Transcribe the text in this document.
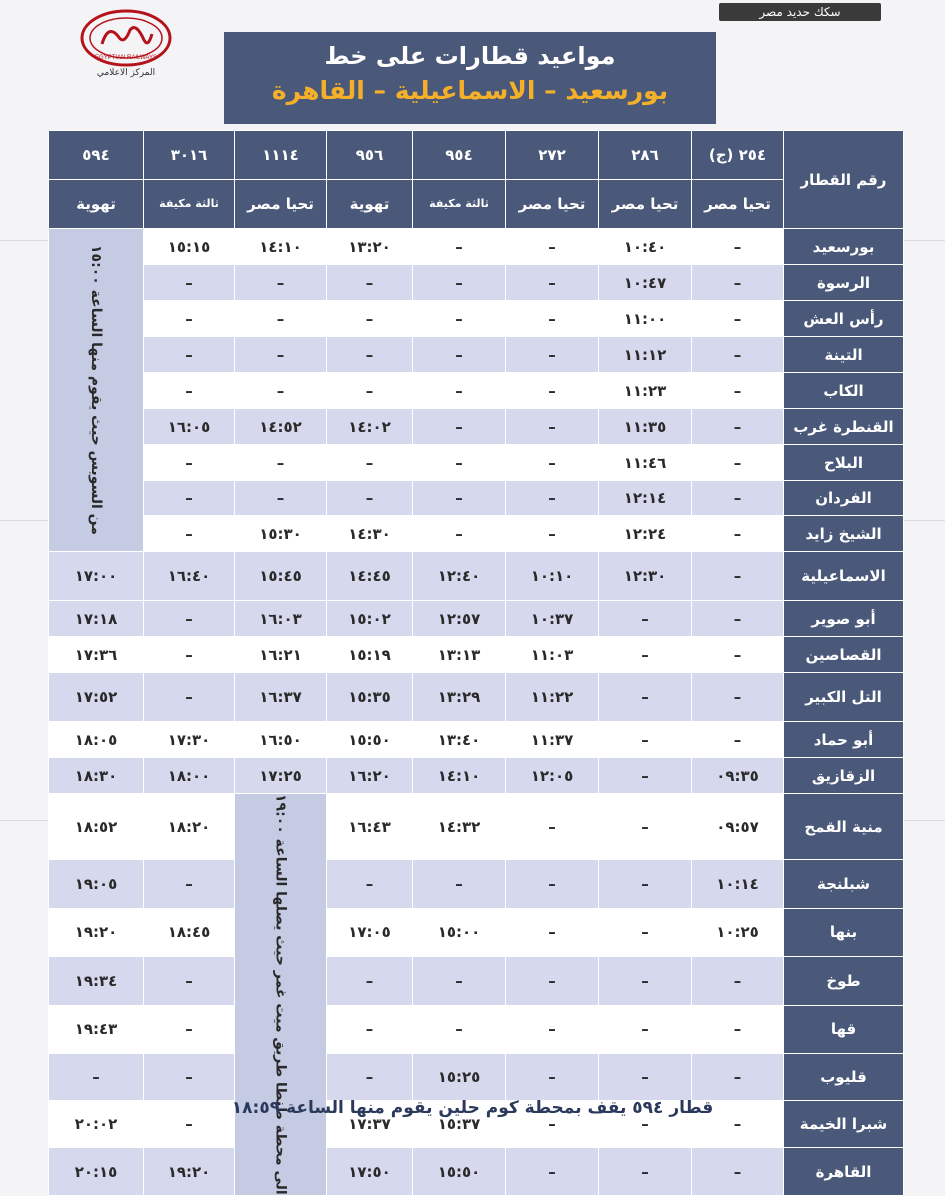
EGYPTIAN RAILWAYS
المركز الاعلامي
سكك حديد مصر
مواعيد قطارات على خط
بورسعيد – الاسماعيلية – القاهرة
رقم القطار	٢٥٤ (ج)	٢٨٦	٢٧٢	٩٥٤	٩٥٦	١١١٤	٣٠١٦	٥٩٤
	تحيا مصر	تحيا مصر	تحيا مصر	ثالثة مكيفة	تهوية	تحيا مصر	ثالثة مكيفة	تهوية
بورسعيد	–	١٠:٤٠	–	–	١٣:٢٠	١٤:١٠	١٥:١٥	من السويس حيث يقوم منها الساعة ١٥:٠٠
الرسوة	–	١٠:٤٧	–	–	–	–	–	
رأس العش	–	١١:٠٠	–	–	–	–	–	
التينة	–	١١:١٢	–	–	–	–	–	
الكاب	–	١١:٢٣	–	–	–	–	–	
القنطرة غرب	–	١١:٣٥	–	–	١٤:٠٢	١٤:٥٢	١٦:٠٥	
البلاح	–	١١:٤٦	–	–	–	–	–	
الفردان	–	١٢:١٤	–	–	–	–	–	
الشيخ زايد	–	١٢:٢٤	–	–	١٤:٣٠	١٥:٣٠	–	
الاسماعيلية	–	١٢:٣٠	١٠:١٠	١٢:٤٠	١٤:٤٥	١٥:٤٥	١٦:٤٠	١٧:٠٠
أبو صوير	–	–	١٠:٣٧	١٢:٥٧	١٥:٠٢	١٦:٠٣	–	١٧:١٨
القصاصين	–	–	١١:٠٣	١٣:١٣	١٥:١٩	١٦:٢١	–	١٧:٣٦
التل الكبير	–	–	١١:٢٢	١٣:٢٩	١٥:٣٥	١٦:٣٧	–	١٧:٥٢
أبو حماد	–	–	١١:٣٧	١٣:٤٠	١٥:٥٠	١٦:٥٠	١٧:٣٠	١٨:٠٥
الزقازيق	٠٩:٣٥	–	١٢:٠٥	١٤:١٠	١٦:٢٠	١٧:٢٥	١٨:٠٠	١٨:٣٠
منية القمح	٠٩:٥٧	–	–	١٤:٣٢	١٦:٤٣	الى محطة طنطا طريق ميت غمر حيث يصلها الساعة ١٩:٠٠	١٨:٢٠	١٨:٥٢
شبلنجة	١٠:١٤	–	–	–	–		–	١٩:٠٥
بنها	١٠:٢٥	–	–	١٥:٠٠	١٧:٠٥		١٨:٤٥	١٩:٢٠
طوخ	–	–	–	–	–		–	١٩:٣٤
قها	–	–	–	–	–		–	١٩:٤٣
قليوب	–	–	–	١٥:٢٥	–		–	–
شبرا الخيمة	–	–	–	١٥:٣٧	١٧:٣٧		–	٢٠:٠٢
القاهرة	–	–	–	١٥:٥٠	١٧:٥٠		١٩:٢٠	٢٠:١٥
قطار ٥٩٤ يقف بمحطة كوم حلين يقوم منها الساعة ١٨:٥٩
